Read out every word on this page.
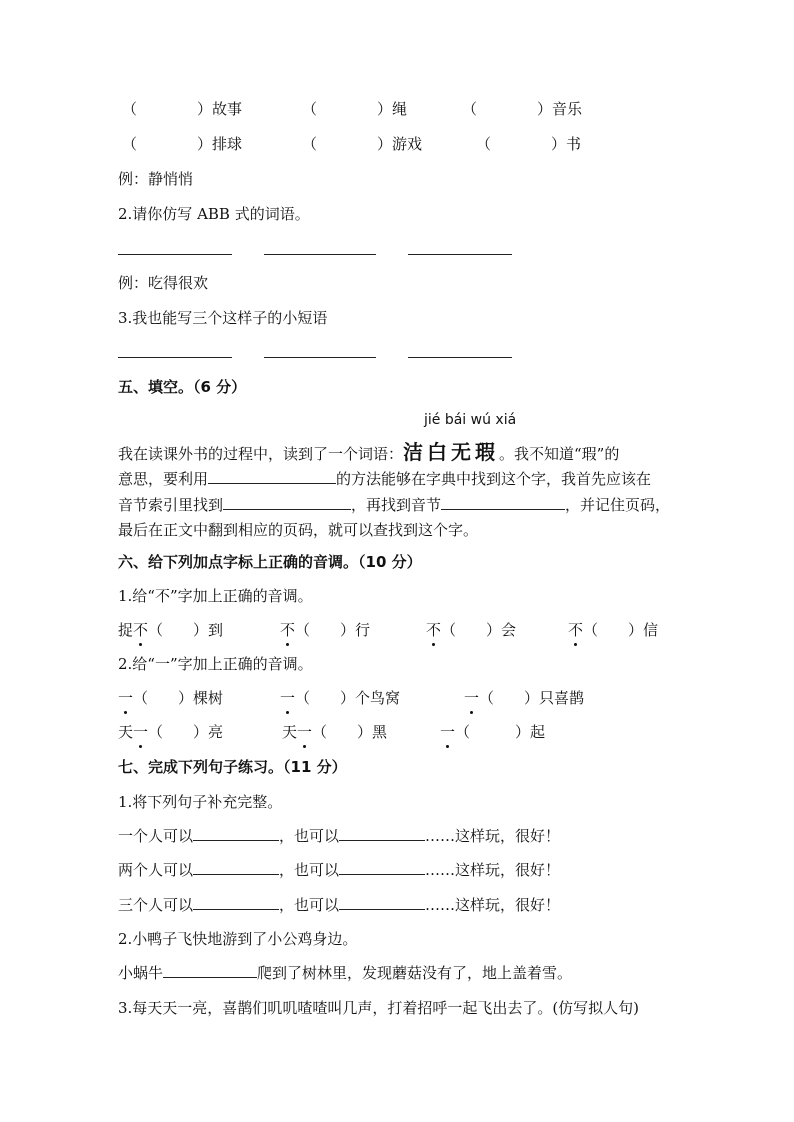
（　　　　）故事	（　　　　）绳	（　　　　）音乐
（　　　　）排球	（　　　　）游戏	（　　　　）书
例：静悄悄
2.请你仿写 ABB 式的词语。
例：吃得很欢
3.我也能写三个这样子的小短语
五、填空。（6 分）
jié bái wú xiá
我在读课外书的过程中，读到了一个词语：洁白无瑕。我不知道“瑕”的
意思，要利用	的方法能够在字典中找到这个字，我首先应该在
音节索引里找到	，再找到音节	，并记住页码，
最后在正文中翻到相应的页码，就可以查找到这个字。
六、给下列加点字标上正确的音调。（10 分）
1.给“不”字加上正确的音调。
捉不（　　）到	不（　　）行	不（　　）会	不（　　）信
2.给“一”字加上正确的音调。
一（　　）棵树	一（　　）个鸟窝	一（　　）只喜鹊
天一（　　）亮	天一（　　）黑	一（　　　）起
七、完成下列句子练习。（11 分）
1.将下列句子补充完整。
一个人可以	，也可以	……这样玩，很好！
两个人可以	，也可以	……这样玩，很好！
三个人可以	，也可以	……这样玩，很好！
2.小鸭子飞快地游到了小公鸡身边。
小蜗牛	爬到了树林里，发现蘑菇没有了，地上盖着雪。
3.每天天一亮，喜鹊们叽叽喳喳叫几声，打着招呼一起飞出去了。(仿写拟人句)
